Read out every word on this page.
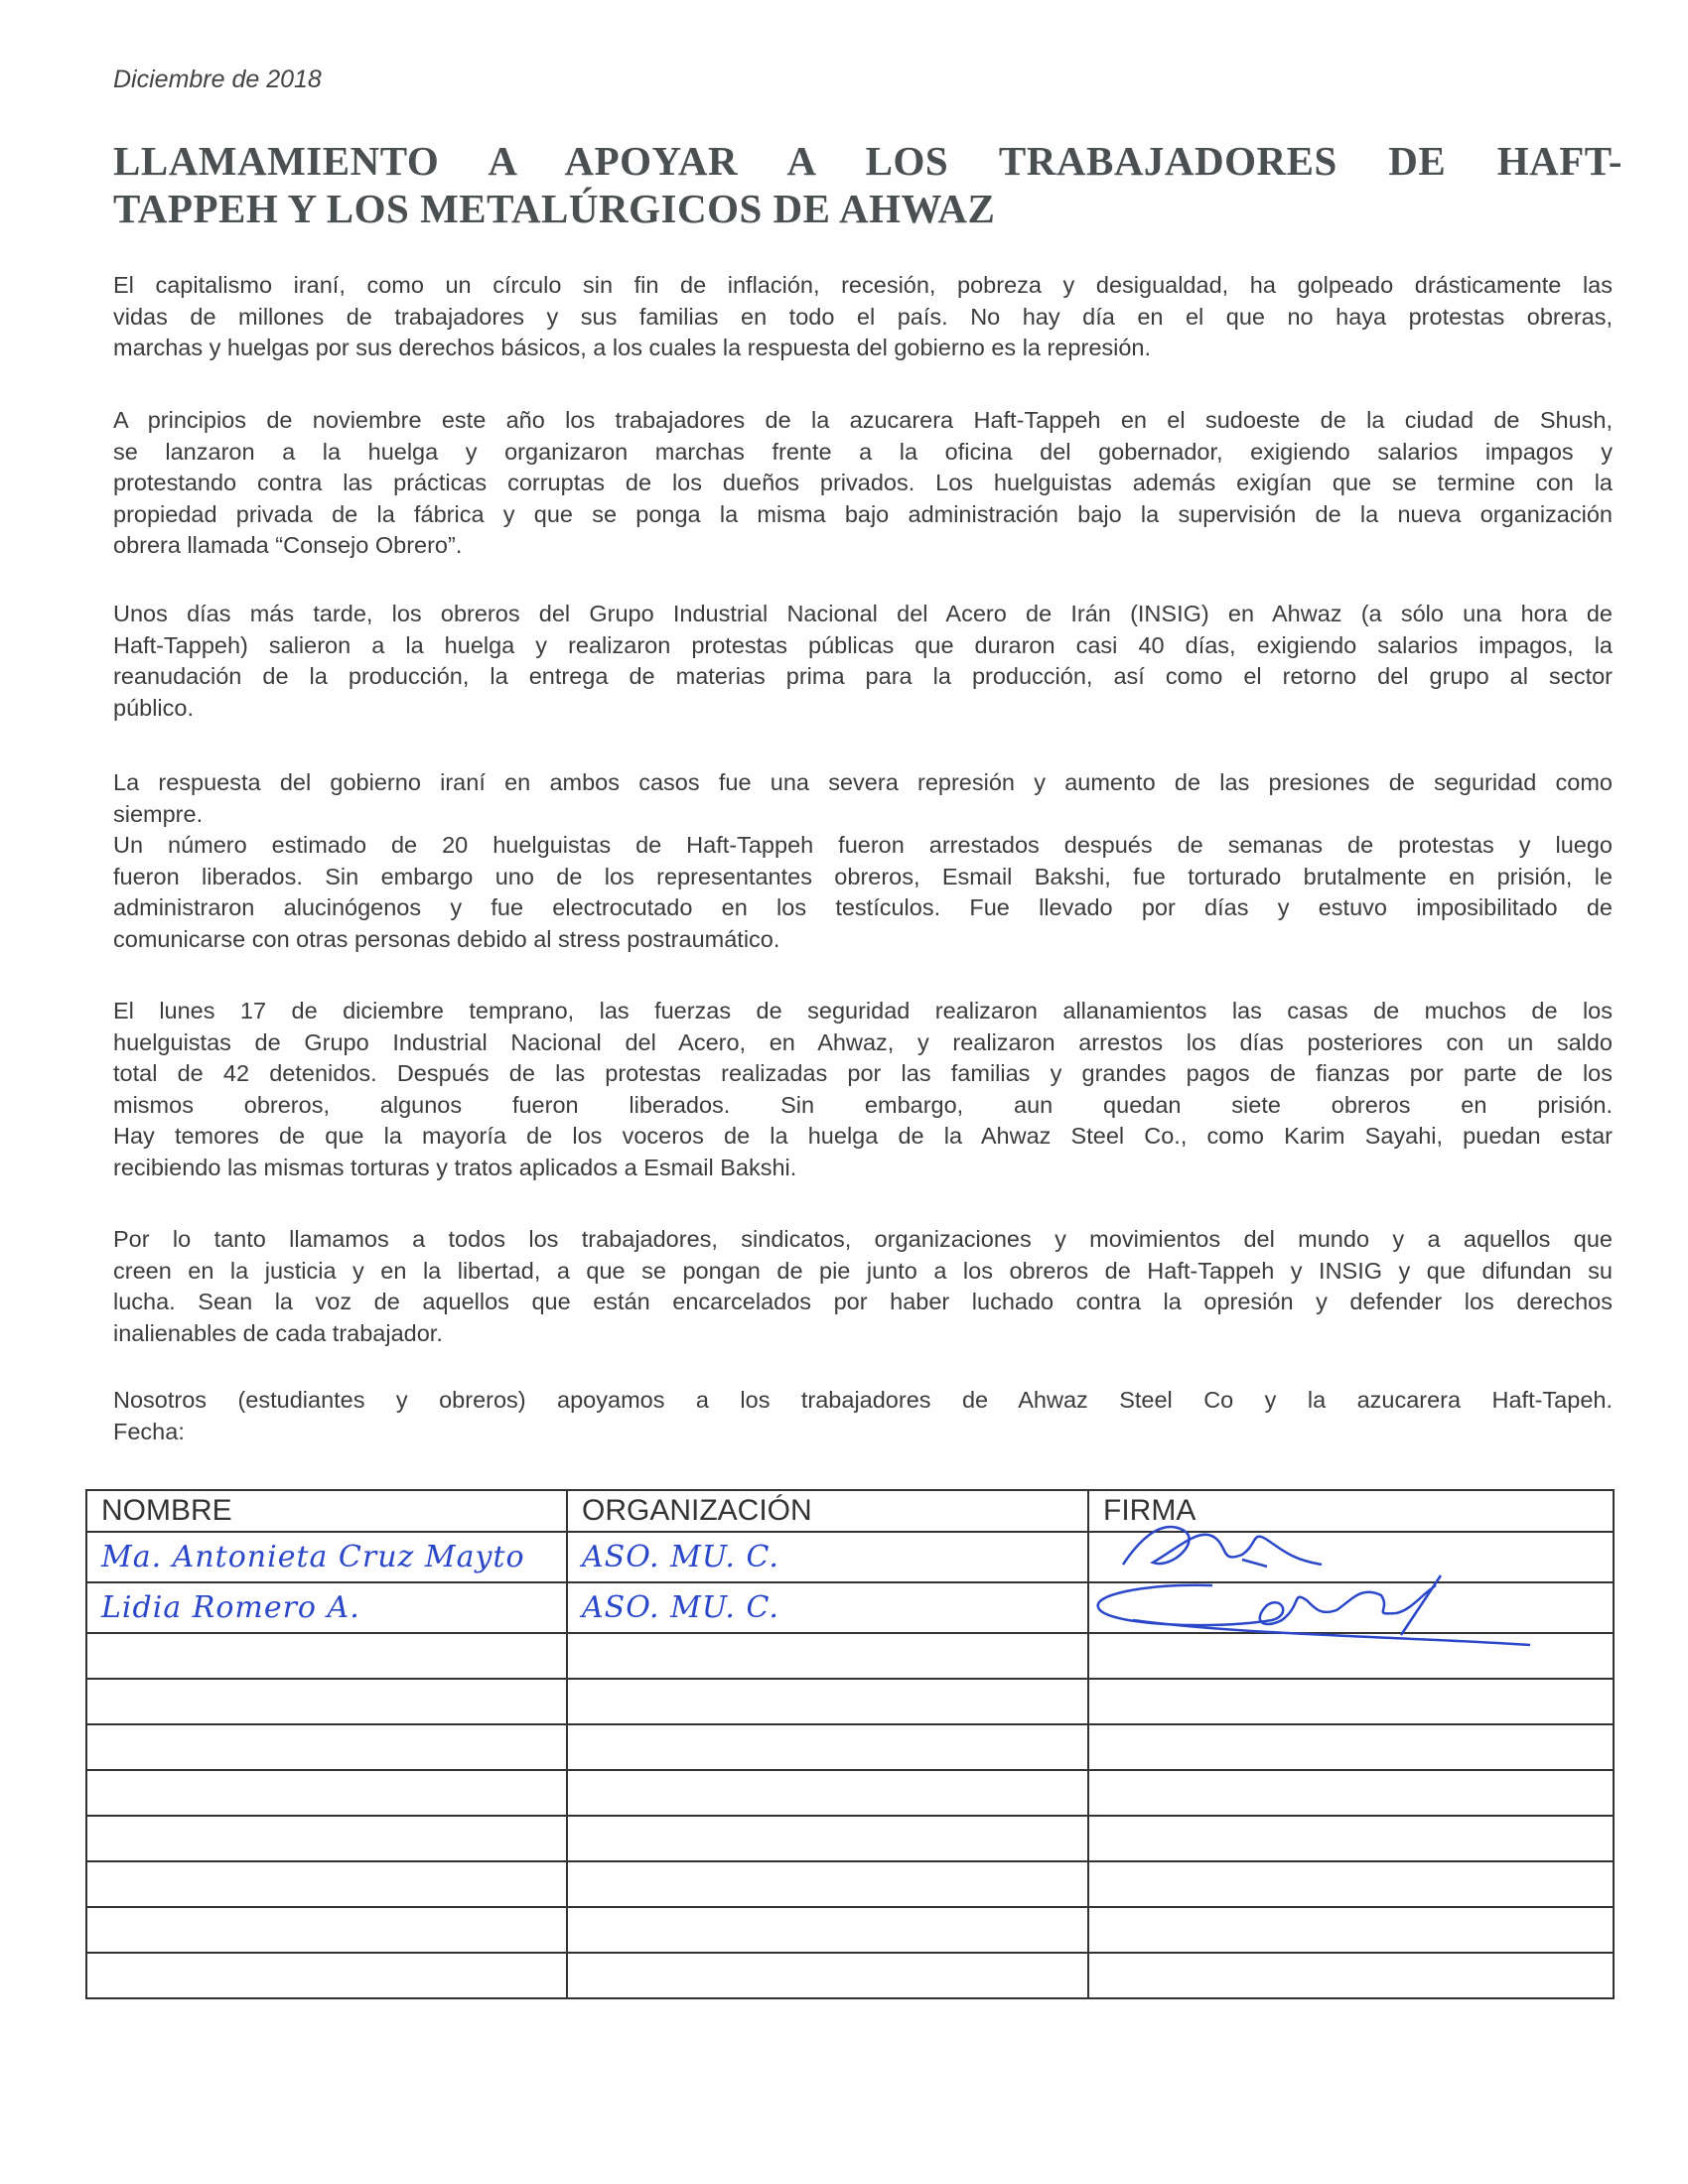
Diciembre de 2018
LLAMAMIENTO A APOYAR A LOS TRABAJADORES DE HAFT-
TAPPEH Y LOS METALÚRGICOS DE AHWAZ

El capitalismo iraní, como un círculo sin fin de inflación, recesión, pobreza y desigualdad, ha golpeado drásticamente las
vidas de millones de trabajadores y sus familias en todo el país. No hay día en el que no haya protestas obreras,
marchas y huelgas por sus derechos básicos, a los cuales la respuesta del gobierno es la represión.

A principios de noviembre este año los trabajadores de la azucarera Haft-Tappeh en el sudoeste de la ciudad de Shush,
se lanzaron a la huelga y organizaron marchas frente a la oficina del gobernador, exigiendo salarios impagos y
protestando contra las prácticas corruptas de los dueños privados. Los huelguistas además exigían que se termine con la
propiedad privada de la fábrica y que se ponga la misma bajo administración bajo la supervisión de la nueva organización
obrera llamada “Consejo Obrero”.

Unos días más tarde, los obreros del Grupo Industrial Nacional del Acero de Irán (INSIG) en Ahwaz (a sólo una hora de
Haft-Tappeh) salieron a la huelga y realizaron protestas públicas que duraron casi 40 días, exigiendo salarios impagos, la
reanudación de la producción, la entrega de materias prima para la producción, así como el retorno del grupo al sector
público.

La respuesta del gobierno iraní en ambos casos fue una severa represión y aumento de las presiones de seguridad como
siempre.
Un número estimado de 20 huelguistas de Haft-Tappeh fueron arrestados después de semanas de protestas y luego
fueron liberados. Sin embargo uno de los representantes obreros, Esmail Bakshi, fue torturado brutalmente en prisión, le
administraron alucinógenos y fue electrocutado en los testículos. Fue llevado por días y estuvo imposibilitado de
comunicarse con otras personas debido al stress postraumático.

El lunes 17 de diciembre temprano, las fuerzas de seguridad realizaron allanamientos las casas de muchos de los
huelguistas de Grupo Industrial Nacional del Acero, en Ahwaz, y realizaron arrestos los días posteriores con un saldo
total de 42 detenidos. Después de las protestas realizadas por las familias y grandes pagos de fianzas por parte de los
mismos obreros, algunos fueron liberados. Sin embargo, aun quedan siete obreros en prisión.
Hay temores de que la mayoría de los voceros de la huelga de la Ahwaz Steel Co., como Karim Sayahi, puedan estar
recibiendo las mismas torturas y tratos aplicados a Esmail Bakshi.

Por lo tanto llamamos a todos los trabajadores, sindicatos, organizaciones y movimientos del mundo y a aquellos que
creen en la justicia y en la libertad, a que se pongan de pie junto a los obreros de Haft-Tappeh y INSIG y que difundan su
lucha. Sean la voz de aquellos que están encarcelados por haber luchado contra la opresión y defender los derechos
inalienables de cada trabajador.

Nosotros (estudiantes y obreros) apoyamos a los trabajadores de Ahwaz Steel Co y la azucarera Haft-Tapeh.
Fecha:

NOMBRE	ORGANIZACIÓN	FIRMA
Ma. Antonieta Cruz Mayto	ASO. MU. C.	

Lidia Romero A.	ASO. MU. C.	
